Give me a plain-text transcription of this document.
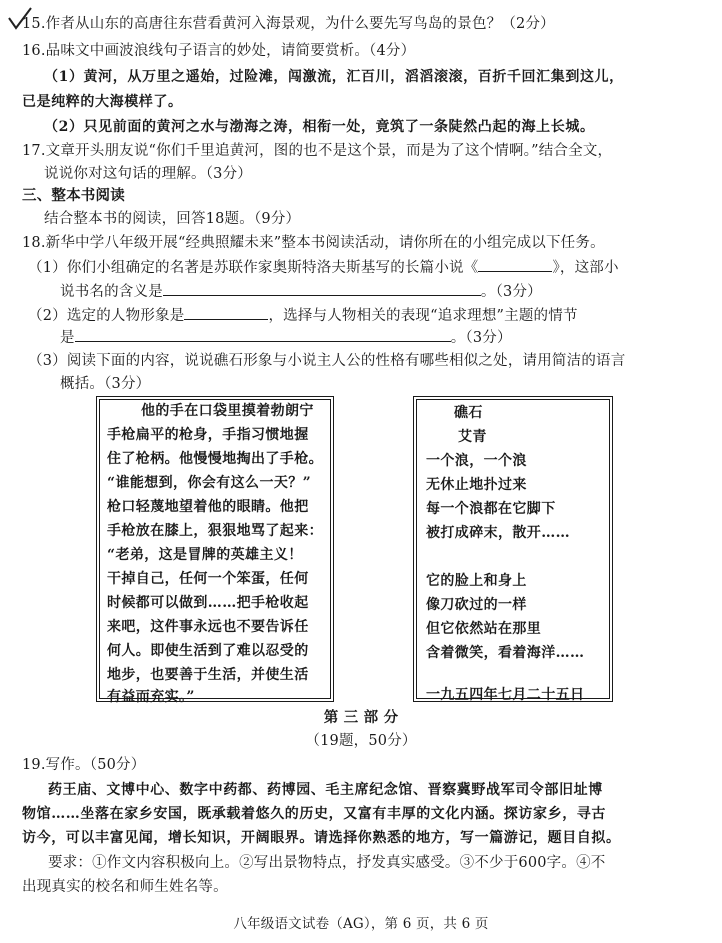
15.作者从山东的高唐往东营看黄河入海景观，为什么要先写鸟岛的景色？（2分）
16.品味文中画波浪线句子语言的妙处，请简要赏析。（4分）
（1）黄河，从万里之遥始，过险滩，闯激流，汇百川，滔滔滚滚，百折千回汇集到这儿，
已是纯粹的大海模样了。
（2）只见前面的黄河之水与渤海之涛，相衔一处，竟筑了一条陡然凸起的海上长城。
17.文章开头朋友说“你们千里追黄河，图的也不是这个景，而是为了这个情啊。”结合全文，
说说你对这句话的理解。（3分）
三、整本书阅读
结合整本书的阅读，回答18题。（9分）
18.新华中学八年级开展“经典照耀未来”整本书阅读活动，请你所在的小组完成以下任务。
（1）你们小组确定的名著是苏联作家奥斯特洛夫斯基写的长篇小说《	》，这部小
说书名的含义是	。（3分）
（2）选定的人物形象是	，选择与人物相关的表现“追求理想”主题的情节
是	。（3分）
（3）阅读下面的内容，说说礁石形象与小说主人公的性格有哪些相似之处，请用简洁的语言
概括。（3分）
他的手在口袋里摸着勃朗宁
手枪扁平的枪身，手指习惯地握
住了枪柄。他慢慢地掏出了手枪。
“谁能想到，你会有这么一天？”
枪口轻蔑地望着他的眼睛。他把
手枪放在膝上，狠狠地骂了起来：
“老弟，这是冒牌的英雄主义！
干掉自己，任何一个笨蛋，任何
时候都可以做到……把手枪收起
来吧，这件事永远也不要告诉任
何人。即使生活到了难以忍受的
地步，也要善于生活，并使生活
有益而充实。”
礁石
艾青
一个浪，一个浪
无休止地扑过来
每一个浪都在它脚下
被打成碎末，散开……
它的脸上和身上
像刀砍过的一样
但它依然站在那里
含着微笑，看着海洋……
一九五四年七月二十五日
第 三 部 分
（19题，50分）
19.写作。（50分）
药王庙、文博中心、数字中药都、药博园、毛主席纪念馆、晋察冀野战军司令部旧址博
物馆……坐落在家乡安国，既承载着悠久的历史，又富有丰厚的文化内涵。探访家乡，寻古
访今，可以丰富见闻，增长知识，开阔眼界。请选择你熟悉的地方，写一篇游记，题目自拟。
要求：①作文内容积极向上。②写出景物特点，抒发真实感受。③不少于600字。④不
出现真实的校名和师生姓名等。
八年级语文试卷（AG），第 6 页，共 6 页
